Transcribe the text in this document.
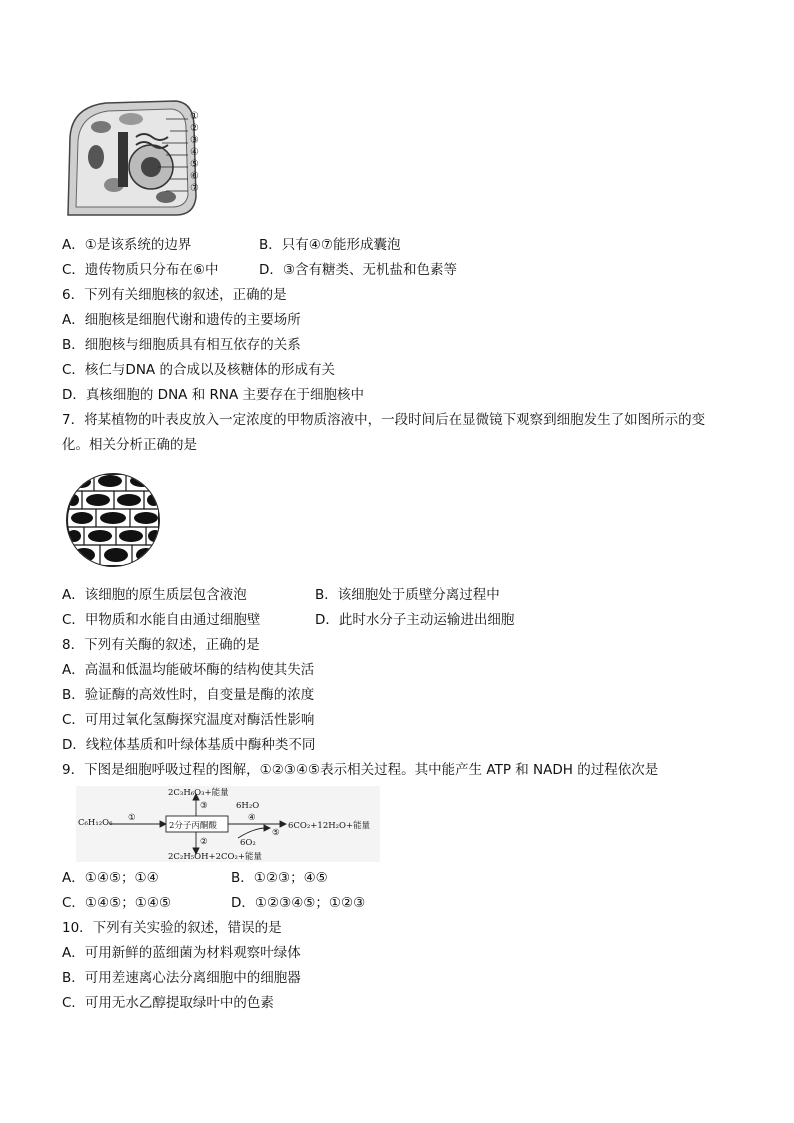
①
②
③
④
⑤
⑥
⑦
A．①是该系统的边界	B．只有④⑦能形成囊泡
C．遗传物质只分布在⑥中	D．③含有糖类、无机盐和色素等
6．下列有关细胞核的叙述，正确的是
A．细胞核是细胞代谢和遗传的主要场所
B．细胞核与细胞质具有相互依存的关系
C．核仁与DNA 的合成以及核糖体的形成有关
D．真核细胞的 DNA 和 RNA 主要存在于细胞核中
7．将某植物的叶表皮放入一定浓度的甲物质溶液中，一段时间后在显微镜下观察到细胞发生了如图所示的变
化。相关分析正确的是
A．该细胞的原生质层包含液泡	B．该细胞处于质壁分离过程中
C．甲物质和水能自由通过细胞壁	D．此时水分子主动运输进出细胞
8．下列有关酶的叙述，正确的是
A．高温和低温均能破坏酶的结构使其失活
B．验证酶的高效性时，自变量是酶的浓度
C．可用过氧化氢酶探究温度对酶活性影响
D．线粒体基质和叶绿体基质中酶种类不同
9．下图是细胞呼吸过程的图解，①②③④⑤表示相关过程。其中能产生 ATP 和 NADH 的过程依次是
C₆H₁₂O₆ ①
2分子丙酮酸
2C₃H₆O₃+能量
③	6H₂O
④
6CO₂+12H₂O+能量
6O₂
⑤
②
2C₂H₅OH+2CO₂+能量
A．①④⑤；①④	B．①②③；④⑤
C．①④⑤；①④⑤	D．①②③④⑤；①②③
10．下列有关实验的叙述，错误的是
A．可用新鲜的蓝细菌为材料观察叶绿体
B．可用差速离心法分离细胞中的细胞器
C．可用无水乙醇提取绿叶中的色素
